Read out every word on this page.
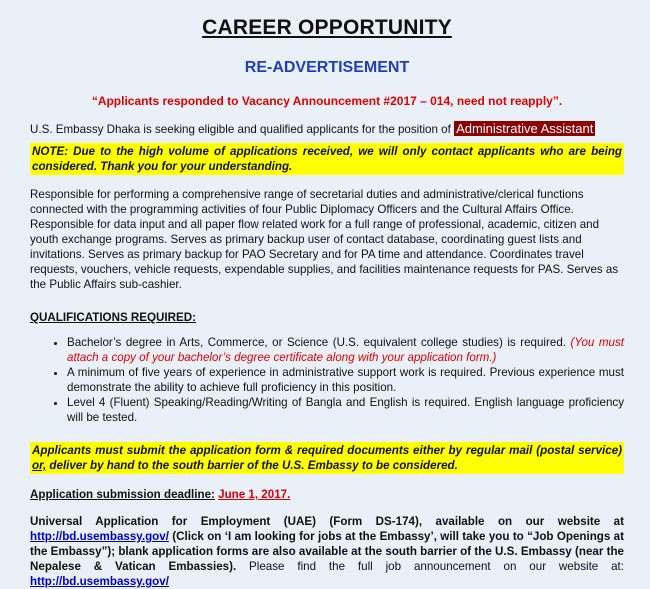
CAREER OPPORTUNITY
RE-ADVERTISEMENT

“Applicants responded to Vacancy Announcement #2017 – 014, need not reapply”.

U.S. Embassy Dhaka is seeking eligible and qualified applicants for the position of Administrative Assistant

NOTE: Due to the high volume of applications received, we will only contact applicants who are being considered. Thank you for your understanding.

Responsible for performing a comprehensive range of secretarial duties and administrative/clerical functions connected with the programming activities of four Public Diplomacy Officers and the Cultural Affairs Office. Responsible for data input and all paper flow related work for a full range of professional, academic, citizen and youth exchange programs. Serves as primary backup user of contact database, coordinating guest lists and invitations. Serves as primary backup for PAO Secretary and for PA time and attendance. Coordinates travel requests, vouchers, vehicle requests, expendable supplies, and facilities maintenance requests for PAS. Serves as the Public Affairs sub-cashier.

QUALIFICATIONS REQUIRED:

• Bachelor’s degree in Arts, Commerce, or Science (U.S. equivalent college studies) is required. (You must attach a copy of your bachelor’s degree certificate along with your application form.)
• A minimum of five years of experience in administrative support work is required. Previous experience must demonstrate the ability to achieve full proficiency in this position.
• Level 4 (Fluent) Speaking/Reading/Writing of Bangla and English is required. English language proficiency will be tested.

Applicants must submit the application form & required documents either by regular mail (postal service) or, deliver by hand to the south barrier of the U.S. Embassy to be considered.

Application submission deadline: June 1, 2017.

Universal Application for Employment (UAE) (Form DS-174), available on our website at http://bd.usembassy.gov/ (Click on ‘I am looking for jobs at the Embassy’, will take you to “Job Openings at the Embassy”); blank application forms are also available at the south barrier of the U.S. Embassy (near the Nepalese & Vatican Embassies). Please find the full job announcement on our website at: http://bd.usembassy.gov/
